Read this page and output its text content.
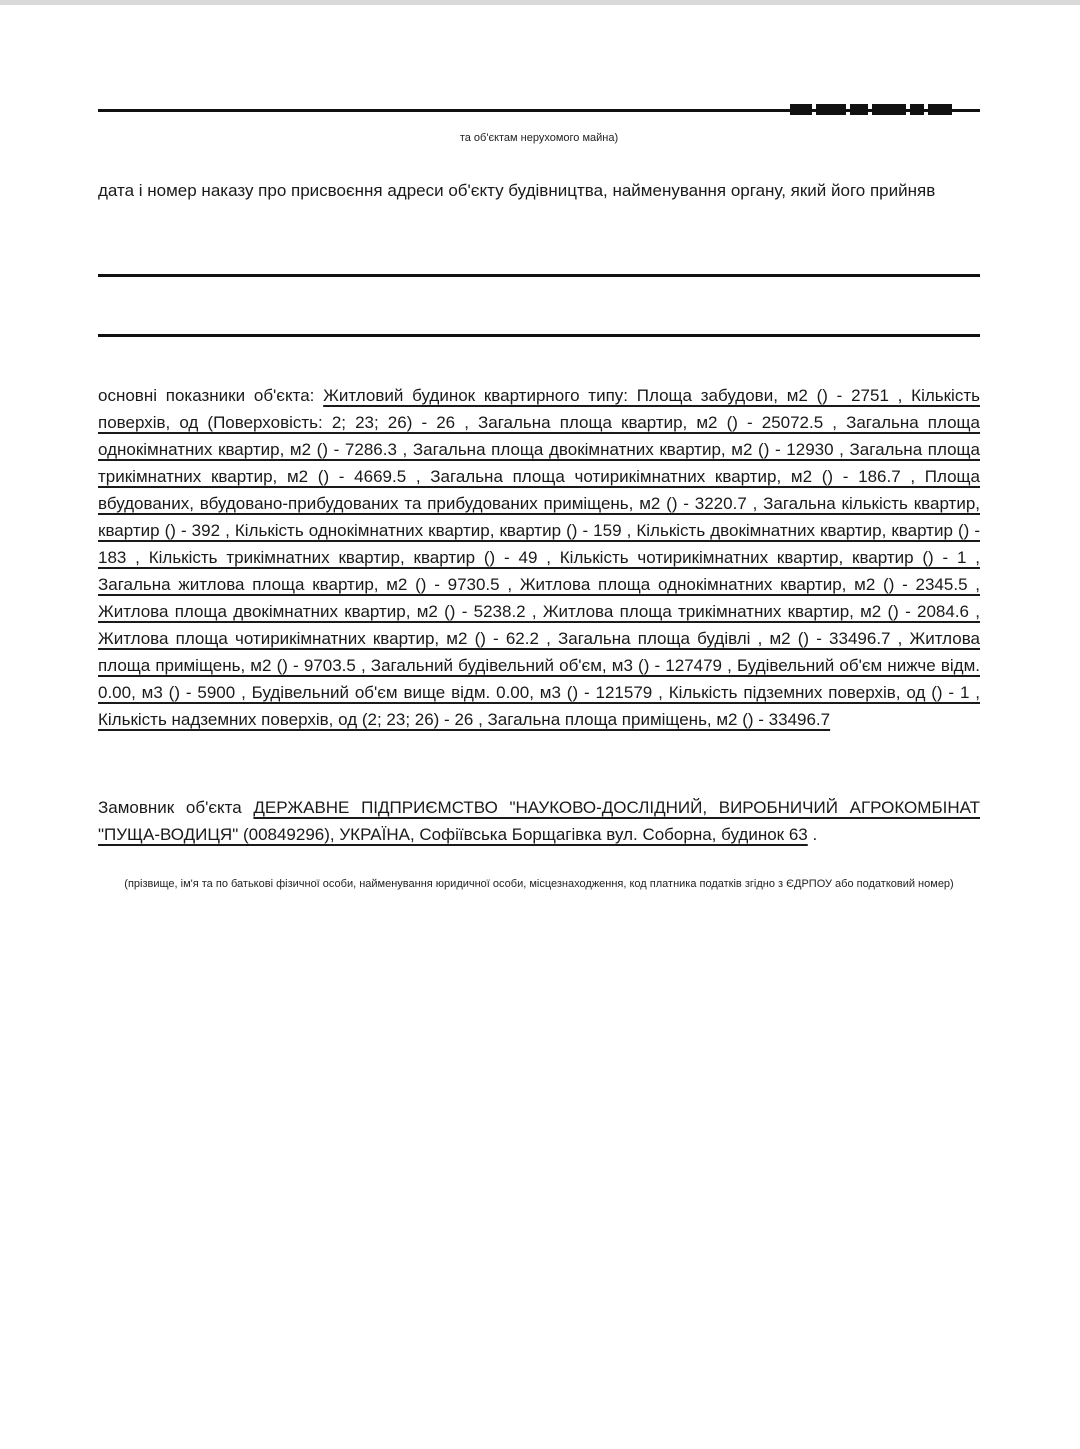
та об'єктам нерухомого майна)
дата і номер наказу про присвоєння адреси об'єкту будівництва, найменування органу, який його прийняв
основні показники об'єкта: Житловий будинок квартирного типу: Площа забудови, м2 () - 2751 , Кількість поверхів, од (Поверховість: 2; 23; 26) - 26 , Загальна площа квартир, м2 () - 25072.5 , Загальна площа однокімнатних квартир, м2 () - 7286.3 , Загальна площа двокімнатних квартир, м2 () - 12930 , Загальна площа трикімнатних квартир, м2 () - 4669.5 , Загальна площа чотирикімнатних квартир, м2 () - 186.7 , Площа вбудованих, вбудовано-прибудованих та прибудованих приміщень, м2 () - 3220.7 , Загальна кількість квартир, квартир () - 392 , Кількість однокімнатних квартир, квартир () - 159 , Кількість двокімнатних квартир, квартир () - 183 , Кількість трикімнатних квартир, квартир () - 49 , Кількість чотирикімнатних квартир, квартир () - 1 , Загальна житлова площа квартир, м2 () - 9730.5 , Житлова площа однокімнатних квартир, м2 () - 2345.5 , Житлова площа двокімнатних квартир, м2 () - 5238.2 , Житлова площа трикімнатних квартир, м2 () - 2084.6 , Житлова площа чотирикімнатних квартир, м2 () - 62.2 , Загальна площа будівлі , м2 () - 33496.7 , Житлова площа приміщень, м2 () - 9703.5 , Загальний будівельний об'єм, м3 () - 127479 , Будівельний об'єм нижче відм. 0.00, м3 () - 5900 , Будівельний об'єм вище відм. 0.00, м3 () - 121579 , Кількість підземних поверхів, од () - 1 , Кількість надземних поверхів, од (2; 23; 26) - 26 , Загальна площа приміщень, м2 () - 33496.7
Замовник об'єкта ДЕРЖАВНЕ ПІДПРИЄМСТВО "НАУКОВО-ДОСЛІДНИЙ, ВИРОБНИЧИЙ АГРОКОМБІНАТ "ПУЩА-ВОДИЦЯ" (00849296), УКРАЇНА, Софіївська Борщагівка вул. Соборна, будинок 63 .
(прізвище, ім'я та по батькові фізичної особи, найменування юридичної особи, місцезнаходження, код платника податків згідно з ЄДРПОУ або податковий номер)
